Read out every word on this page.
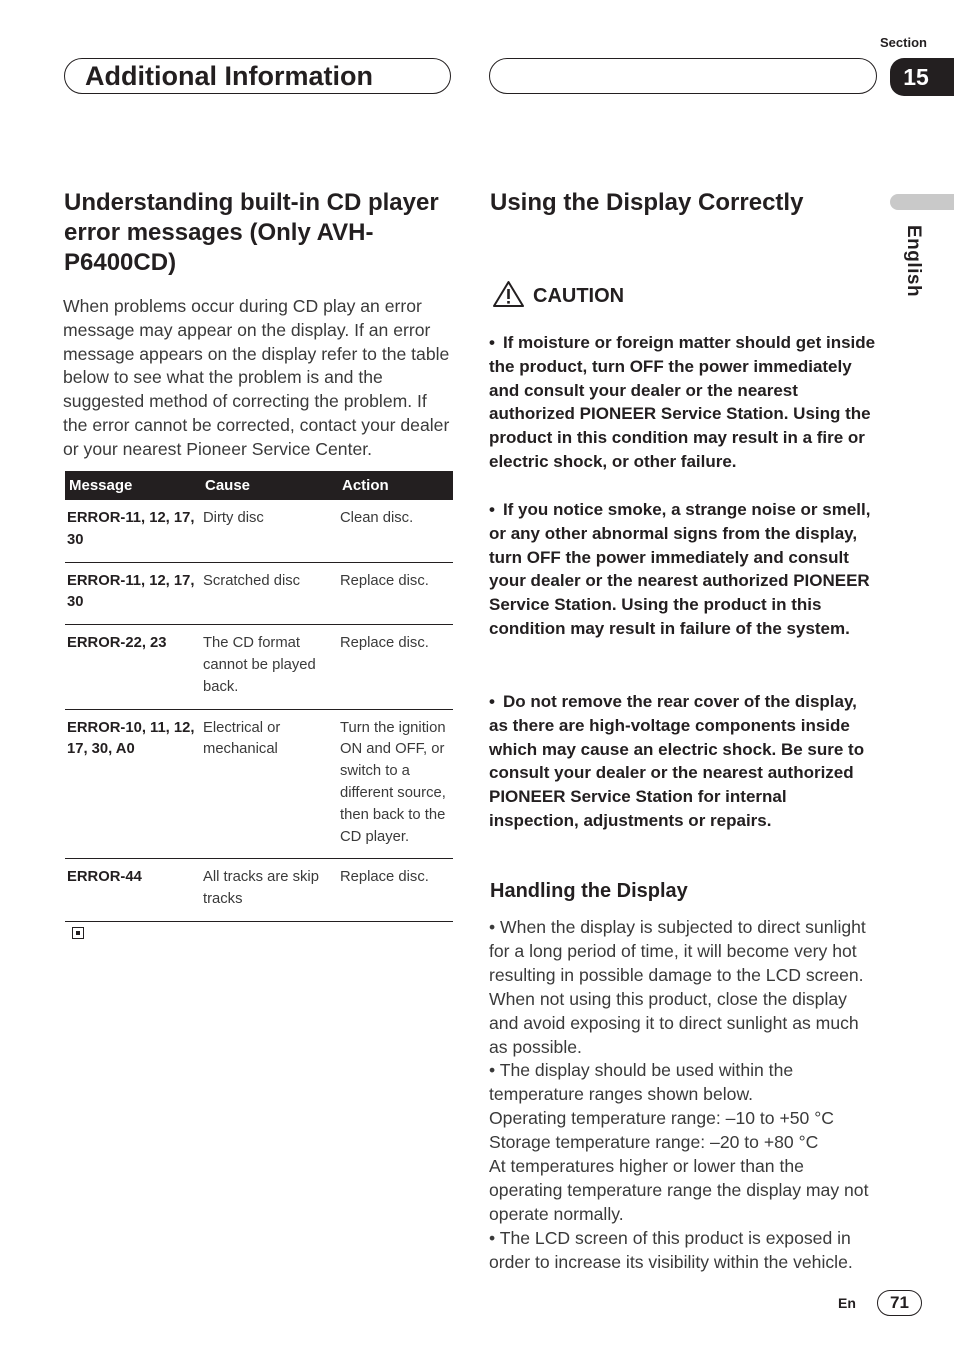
Section
Additional Information	15
English
Understanding built-in CD player error messages (Only AVH-P6400CD)
When problems occur during CD play an error message may appear on the display. If an error message appears on the display refer to the table below to see what the problem is and the suggested method of correcting the problem. If the error cannot be corrected, contact your dealer or your nearest Pioneer Service Center.
Message	Cause	Action
ERROR-11, 12, 17, 30	Dirty disc	Clean disc.
ERROR-11, 12, 17, 30	Scratched disc	Replace disc.
ERROR-22, 23	The CD format cannot be played back.	Replace disc.
ERROR-10, 11, 12, 17, 30, A0	Electrical or mechanical	Turn the ignition ON and OFF, or switch to a different source, then back to the CD player.
ERROR-44	All tracks are skip tracks	Replace disc.
Using the Display Correctly
CAUTION
• If moisture or foreign matter should get inside the product, turn OFF the power immediately and consult your dealer or the nearest authorized PIONEER Service Station. Using the product in this condition may result in a fire or electric shock, or other failure.
• If you notice smoke, a strange noise or smell, or any other abnormal signs from the display, turn OFF the power immediately and consult your dealer or the nearest authorized PIONEER Service Station. Using the product in this condition may result in failure of the system.
• Do not remove the rear cover of the display, as there are high-voltage components inside which may cause an electric shock. Be sure to consult your dealer or the nearest authorized PIONEER Service Station for internal inspection, adjustments or repairs.
Handling the Display

• When the display is subjected to direct sunlight for a long period of time, it will become very hot resulting in possible damage to the LCD screen. When not using this product, close the display and avoid exposing it to direct sunlight as much as possible.

• The display should be used within the temperature ranges shown below.

Operating temperature range: –10 to +50 °C

Storage temperature range: –20 to +80 °C

At temperatures higher or lower than the operating temperature range the display may not operate normally.

• The LCD screen of this product is exposed in order to increase its visibility within the vehicle.

En	71
